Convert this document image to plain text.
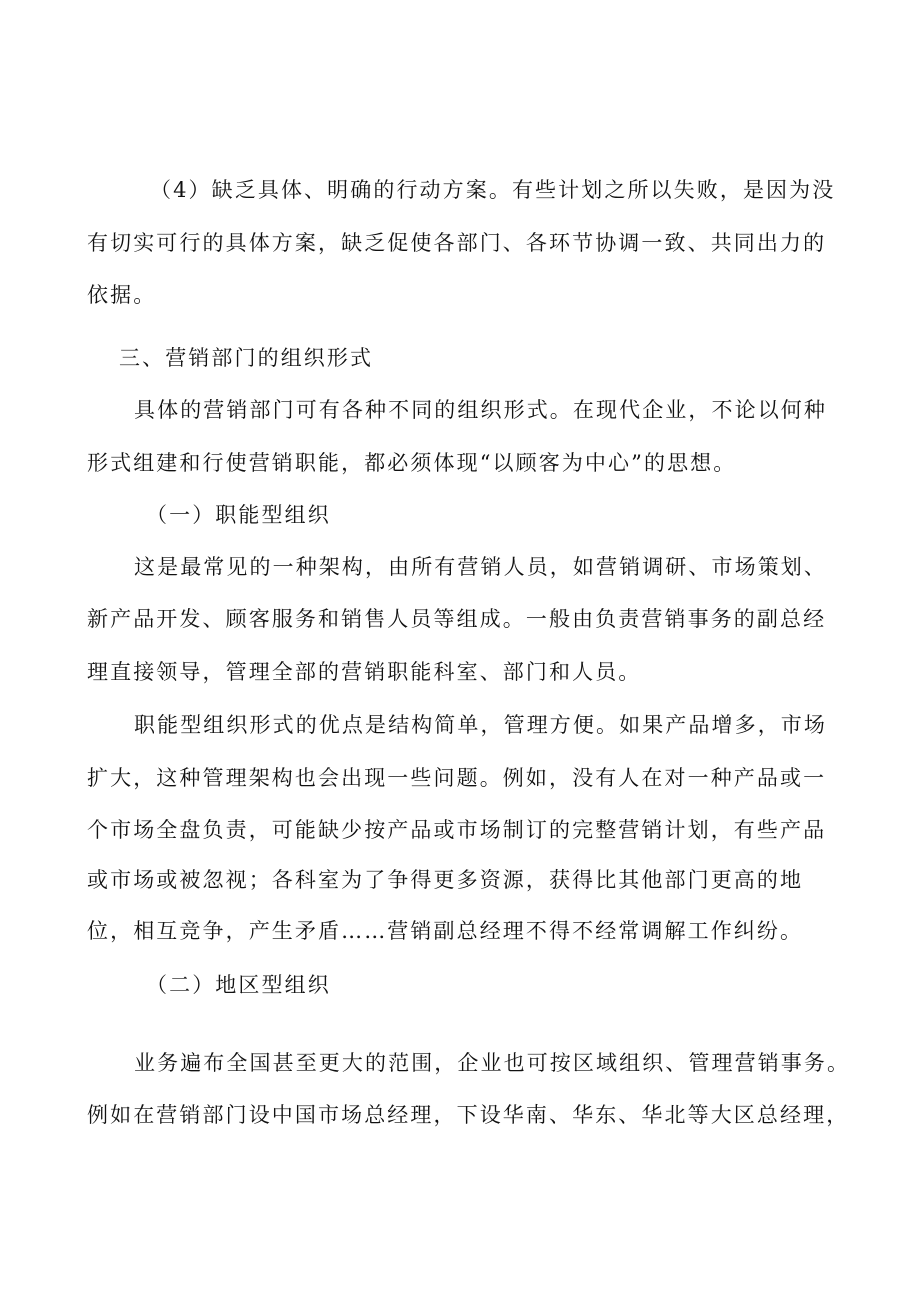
（4）缺乏具体、明确的行动方案。有些计划之所以失败，是因为没
有切实可行的具体方案，缺乏促使各部门、各环节协调一致、共同出力的
依据。
三、营销部门的组织形式
具体的营销部门可有各种不同的组织形式。在现代企业，不论以何种
形式组建和行使营销职能，都必须体现“以顾客为中心”的思想。
（一）职能型组织
这是最常见的一种架构，由所有营销人员，如营销调研、市场策划、
新产品开发、顾客服务和销售人员等组成。一般由负责营销事务的副总经
理直接领导，管理全部的营销职能科室、部门和人员。
职能型组织形式的优点是结构简单，管理方便。如果产品增多，市场
扩大，这种管理架构也会出现一些问题。例如，没有人在对一种产品或一
个市场全盘负责，可能缺少按产品或市场制订的完整营销计划，有些产品
或市场或被忽视；各科室为了争得更多资源，获得比其他部门更高的地
位，相互竞争，产生矛盾……营销副总经理不得不经常调解工作纠纷。
（二）地区型组织
业务遍布全国甚至更大的范围，企业也可按区域组织、管理营销事务。
例如在营销部门设中国市场总经理，下设华南、华东、华北等大区总经理，
